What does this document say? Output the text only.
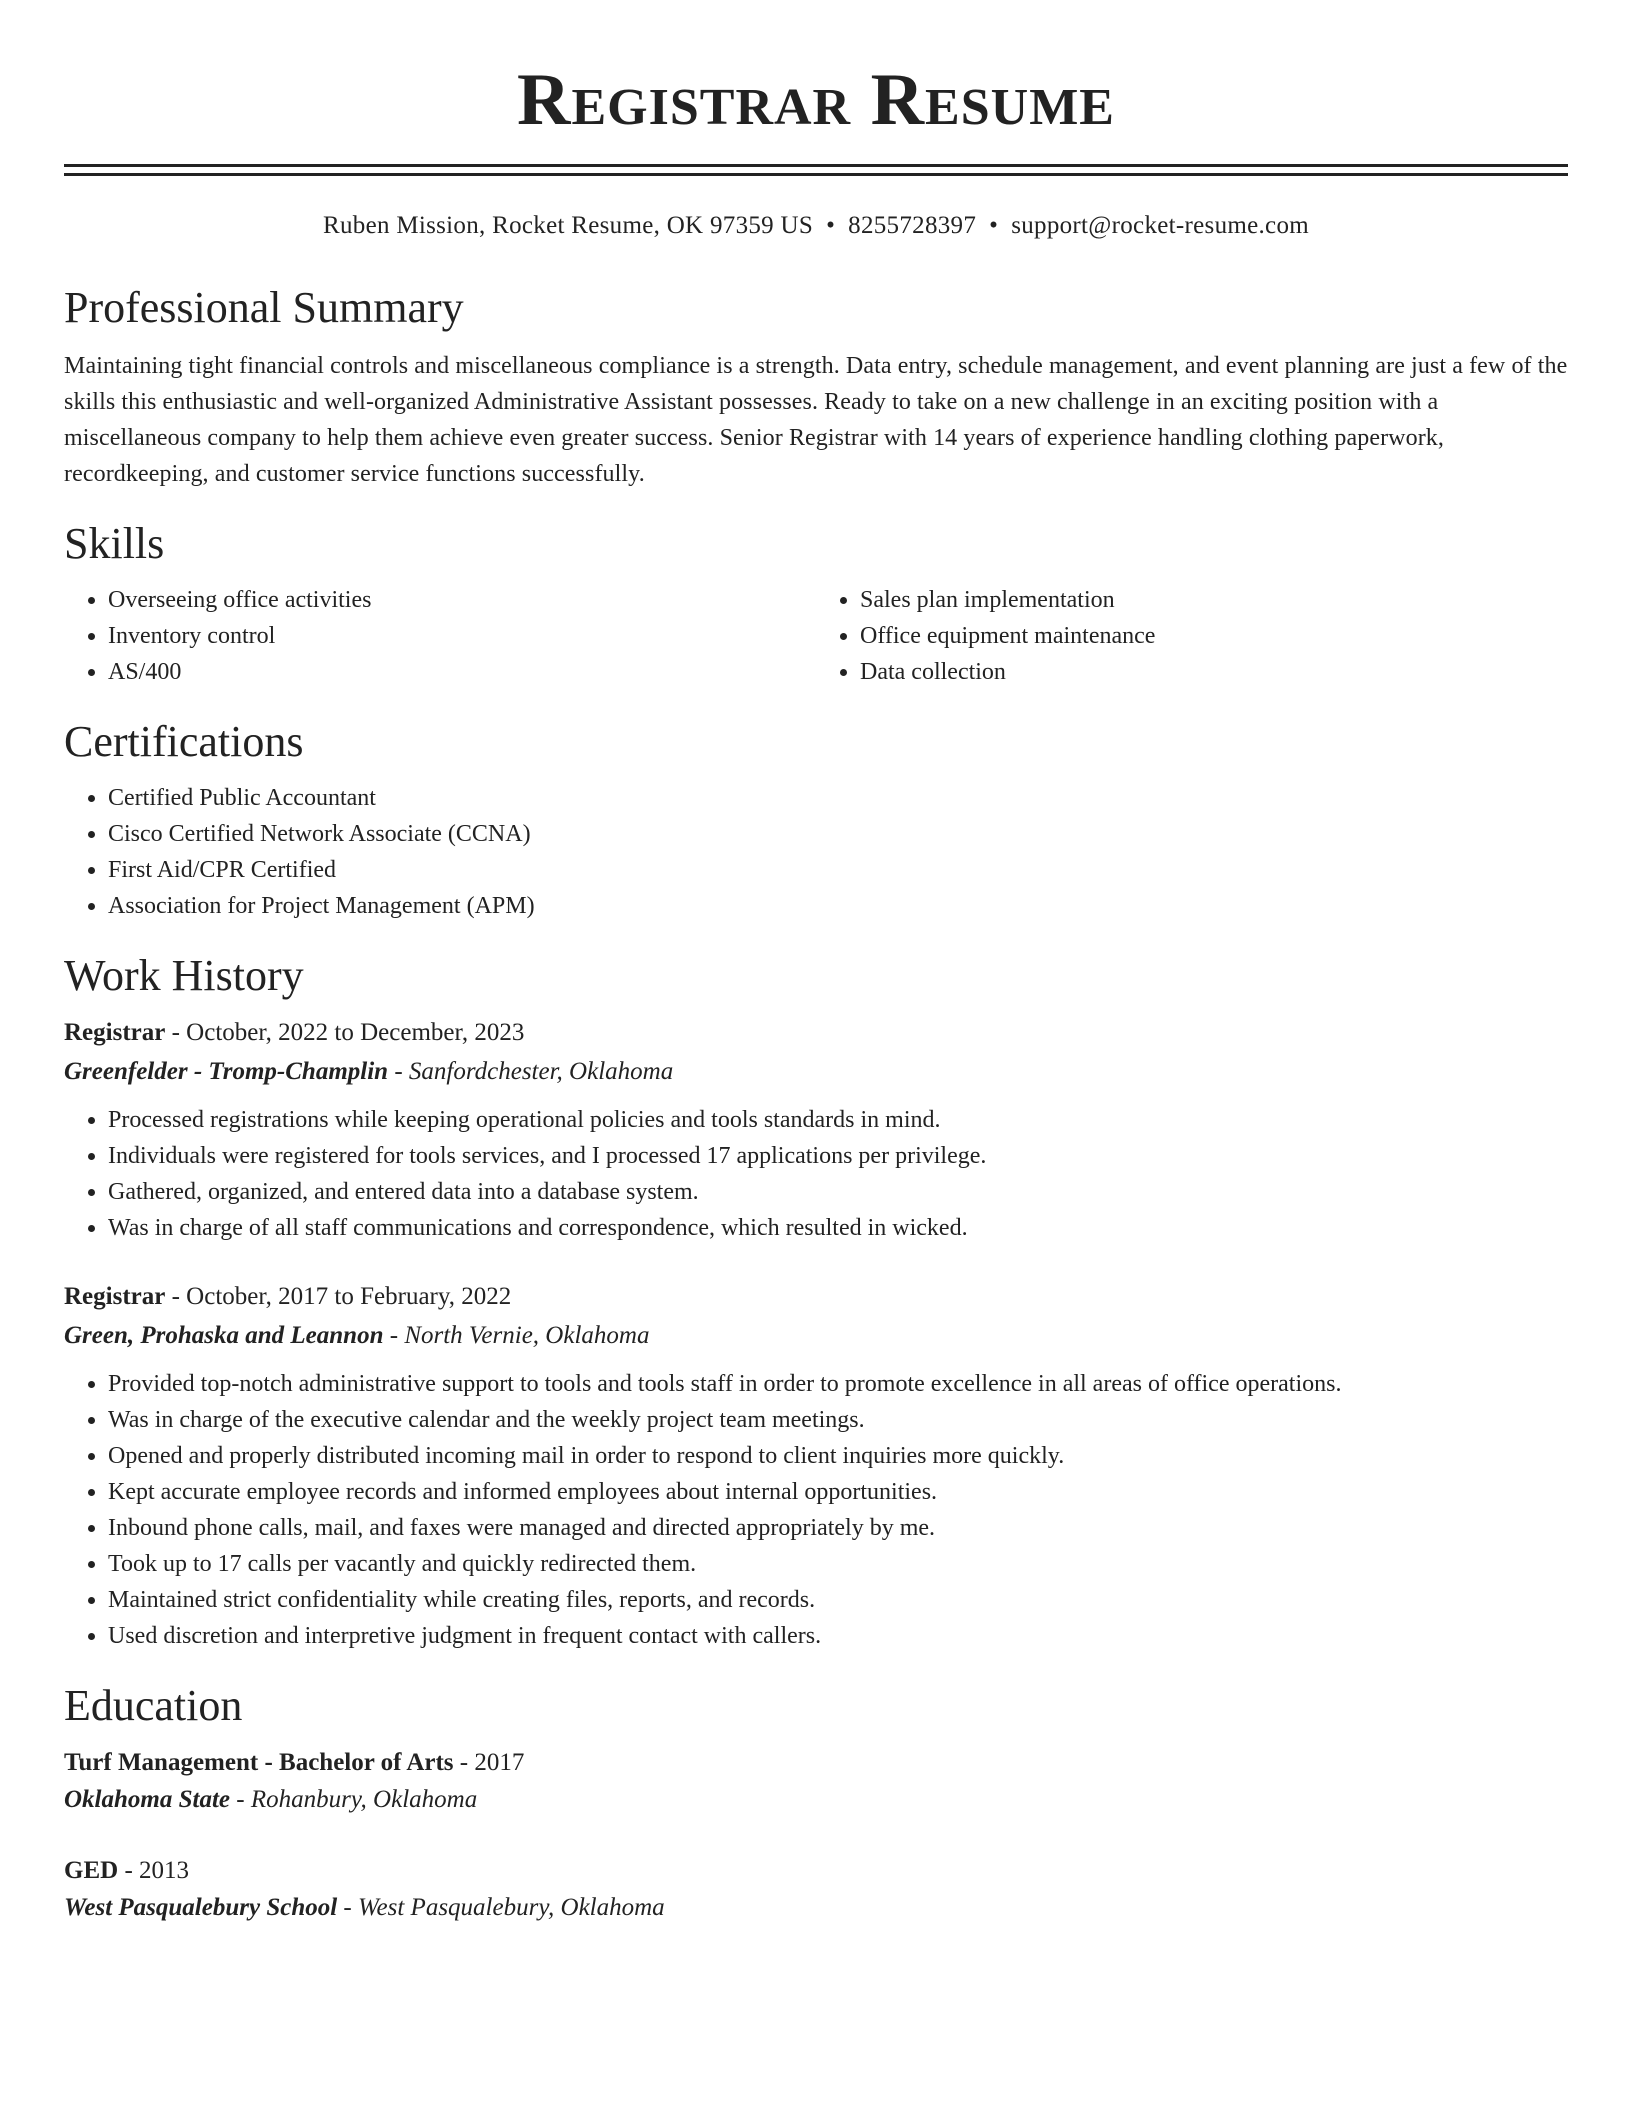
Registrar Resume
Ruben Mission, Rocket Resume, OK 97359 US • 8255728397 • support@rocket-resume.com
Professional Summary
Maintaining tight financial controls and miscellaneous compliance is a strength. Data entry, schedule management, and event planning are just a few of the skills this enthusiastic and well-organized Administrative Assistant possesses. Ready to take on a new challenge in an exciting position with a miscellaneous company to help them achieve even greater success. Senior Registrar with 14 years of experience handling clothing paperwork, recordkeeping, and customer service functions successfully.
Skills
• Overseeing office activities
• Inventory control
• AS/400
• Sales plan implementation
• Office equipment maintenance
• Data collection
Certifications
• Certified Public Accountant
• Cisco Certified Network Associate (CCNA)
• First Aid/CPR Certified
• Association for Project Management (APM)
Work History
Registrar - October, 2022 to December, 2023
Greenfelder - Tromp-Champlin - Sanfordchester, Oklahoma
• Processed registrations while keeping operational policies and tools standards in mind.
• Individuals were registered for tools services, and I processed 17 applications per privilege.
• Gathered, organized, and entered data into a database system.
• Was in charge of all staff communications and correspondence, which resulted in wicked.
Registrar - October, 2017 to February, 2022
Green, Prohaska and Leannon - North Vernie, Oklahoma
• Provided top-notch administrative support to tools and tools staff in order to promote excellence in all areas of office operations.
• Was in charge of the executive calendar and the weekly project team meetings.
• Opened and properly distributed incoming mail in order to respond to client inquiries more quickly.
• Kept accurate employee records and informed employees about internal opportunities.
• Inbound phone calls, mail, and faxes were managed and directed appropriately by me.
• Took up to 17 calls per vacantly and quickly redirected them.
• Maintained strict confidentiality while creating files, reports, and records.
• Used discretion and interpretive judgment in frequent contact with callers.
Education
Turf Management - Bachelor of Arts - 2017
Oklahoma State - Rohanbury, Oklahoma
GED - 2013
West Pasqualebury School - West Pasqualebury, Oklahoma
